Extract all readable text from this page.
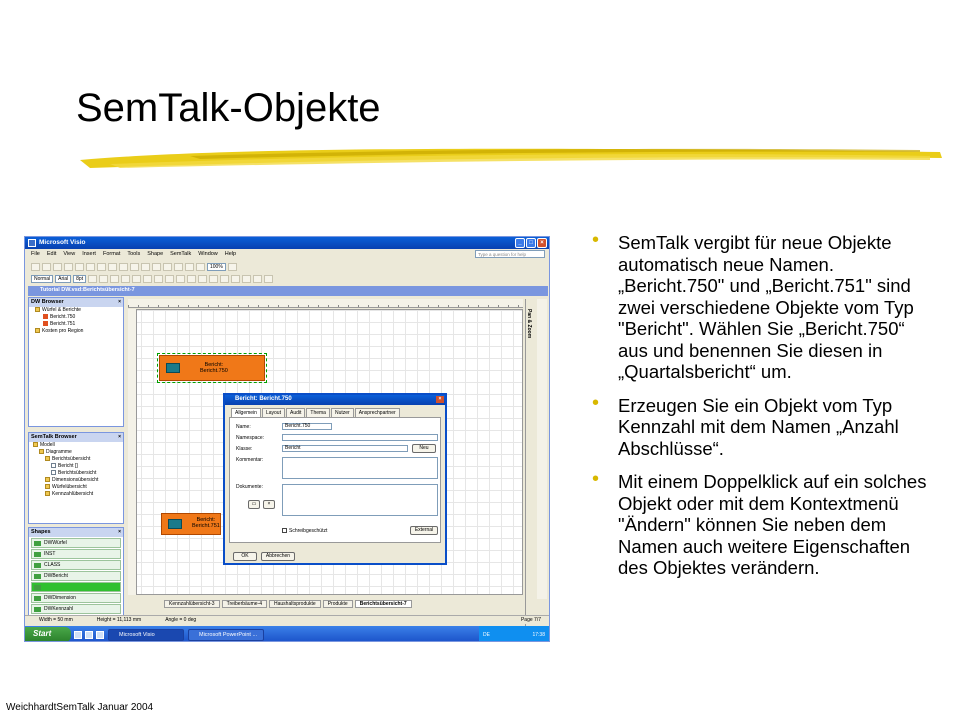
SemTalk-Objekte
• SemTalk vergibt für neue Objekte automatisch neue Namen. „Bericht.750" und „Bericht.751" sind zwei verschiedene Objekte vom Typ "Bericht". Wählen Sie „Bericht.750“ aus und benennen Sie diesen in „Quartalsbericht“ um.
• Erzeugen Sie ein Objekt vom Typ Kennzahl mit dem Namen „Anzahl Abschlüsse“.
• Mit einem Doppelklick auf ein solches Objekt oder mit dem Kontextmenü "Ändern" können Sie neben dem Namen auch weitere Eigenschaften des Objektes verändern.
WeichhardtSemTalk Januar 2004
Microsoft Visio	_	□	×
File Edit View Insert Format Tools Shape SemTalk Window Help	Type a question for help
100%
Normal	Arial	8pt
Tutorial DW.vsd:Berichtsübersicht-7
DW Browser	×
Würfel & Berichte
Bericht.750
Bericht.751
Kosten pro Region
SemTalk Browser	×
Modell
Diagramme
Berichtsübersicht
Bericht []
Berichtsübersicht
Dimensionsübersicht
Würfelübersicht
Kennzahlübersicht
Shapes	×
DWWürfel
INST
CLASS
DWBericht
DWDimension
DWKennzahl
Pan & Zoom
Bericht:
Bericht.750
Bericht:
Bericht.751
Bericht: Bericht.750	×
Allgemein	Layout	Audit	Thema	Nutzer	Ansprechpartner
Name:	Bericht.750
Namespace:
Klasse:	Bericht	Neu
Kommentar:
Dokumente:
▭	×
Schreibgeschützt	External
OK	Abbrechen
Kennzahlübersicht-3	Treiberbäume-4	Haushaltsprodukte	Produkte	Berichtsübersicht-7
Width = 50 mm	Height = 11,113 mm	Angle = 0 deg	Page 7/7
Start	Microsoft Visio	Microsoft PowerPoint ...	DE	17:38
